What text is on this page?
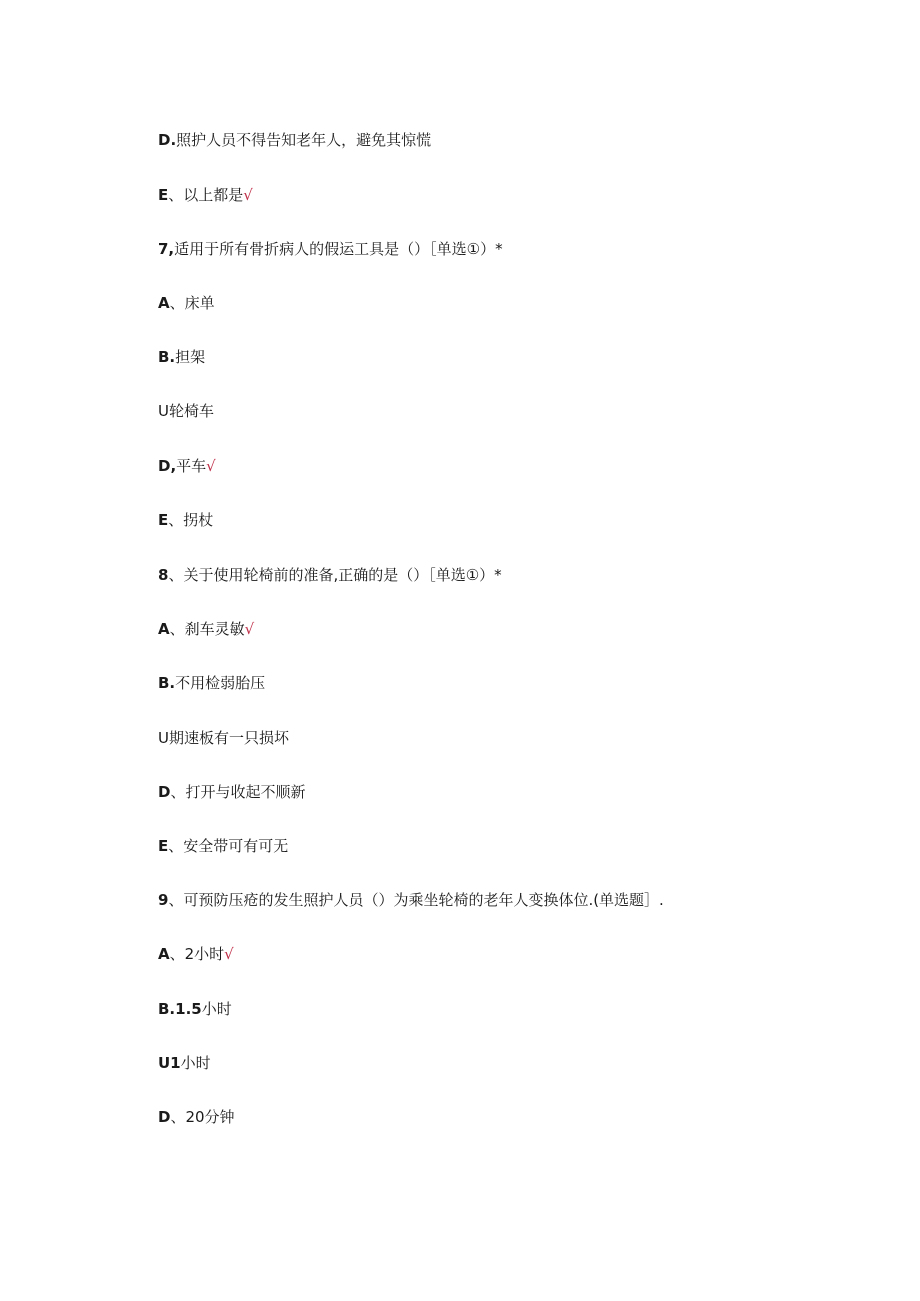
D.照护人员不得告知老年人，避免其惊慌
E、以上都是√
7,适用于所有骨折病人的假运工具是（）［单选①）*
A、床单
B.担架
U轮椅车
D,平车√
E、拐杖
8、关于使用轮椅前的准备,正确的是（）［单选①）*
A、刹车灵敏√
B.不用检弱胎压
U期速板有一只损坏
D、打开与收起不顺新
E、安全带可有可无
9、可预防压疮的发生照护人员（）为乘坐轮椅的老年人变换体位.(单选题］.
A、2小时√
B.1.5小时
U1小时
D、20分钟
